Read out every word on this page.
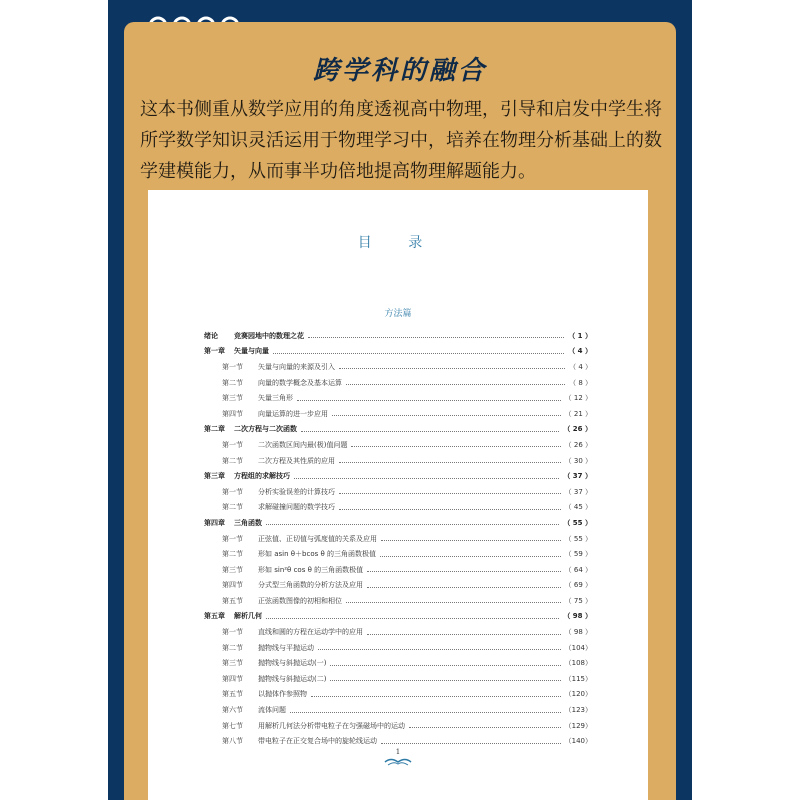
跨学科的融合
这本书侧重从数学应用的角度透视高中物理，引导和启发中学生将所学数学知识灵活运用于物理学习中，培养在物理分析基础上的数学建模能力，从而事半功倍地提高物理解题能力。
目 录
方法篇
绪论	竞赛园地中的数理之花	（ 1 ）
第一章	矢量与向量	（ 4 ）
第一节	矢量与向量的来源及引入	（ 4 ）
第二节	向量的数学概念及基本运算	（ 8 ）
第三节	矢量三角形	（ 12 ）
第四节	向量运算的进一步应用	（ 21 ）
第二章	二次方程与二次函数	（ 26 ）
第一节	二次函数区间内最(极)值问题	（ 26 ）
第二节	二次方程及其性质的应用	（ 30 ）
第三章	方程组的求解技巧	（ 37 ）
第一节	分析实验误差的计算技巧	（ 37 ）
第二节	求解碰撞问题的数学技巧	（ 45 ）
第四章	三角函数	（ 55 ）
第一节	正弦值、正切值与弧度值的关系及应用	（ 55 ）
第二节	形如 asin θ＋bcos θ 的三角函数极值	（ 59 ）
第三节	形如 sin²θ cos θ 的三角函数极值	（ 64 ）
第四节	分式型三角函数的分析方法及应用	（ 69 ）
第五节	正弦函数图像的初相和相位	（ 75 ）
第五章	解析几何	（ 98 ）
第一节	直线和圆的方程在运动学中的应用	（ 98 ）
第二节	抛物线与平抛运动	（104）
第三节	抛物线与斜抛运动(一)	（108）
第四节	抛物线与斜抛运动(二)	（115）
第五节	以抛体作参照物	（120）
第六节	流体问题	（123）
第七节	用解析几何法分析带电粒子在匀强磁场中的运动	（129）
第八节	带电粒子在正交复合场中的旋轮线运动	（140）
1
